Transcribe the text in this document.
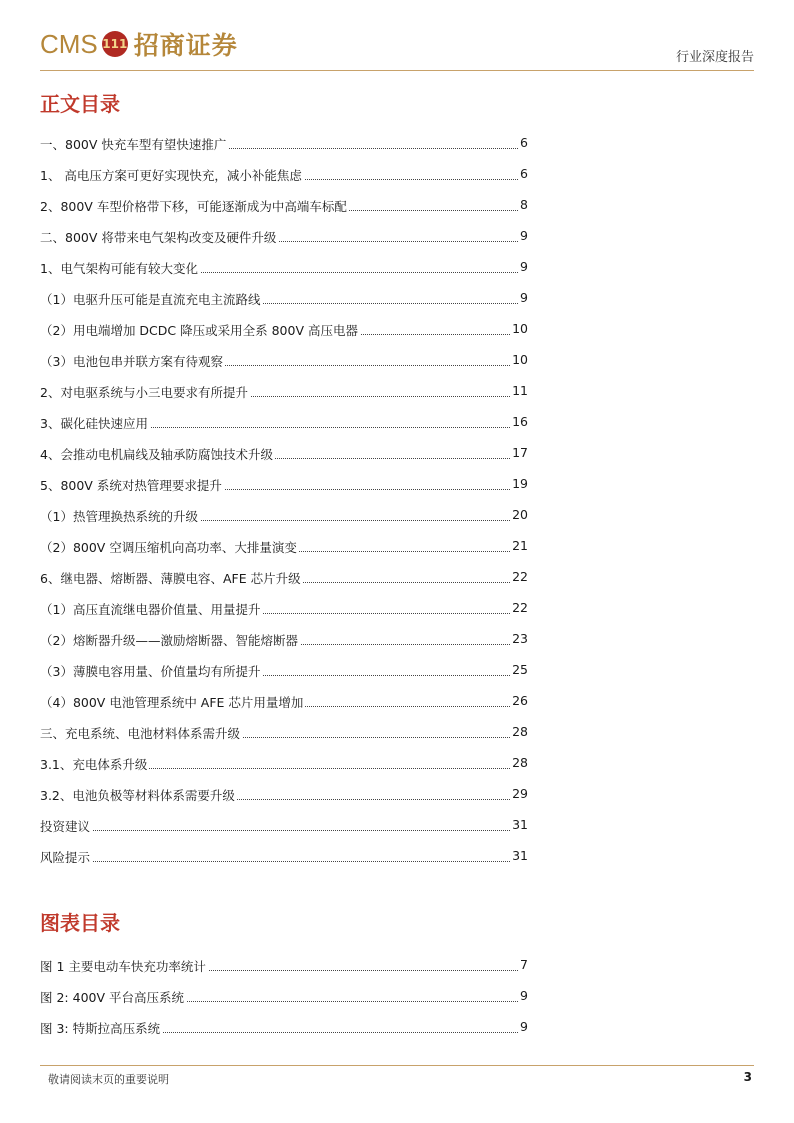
CMS 111 招商证券	行业深度报告
正文目录
一、800V 快充车型有望快速推广	6
1、 高电压方案可更好实现快充，减小补能焦虑	6
2、800V 车型价格带下移，可能逐渐成为中高端车标配	8
二、800V 将带来电气架构改变及硬件升级	9
1、电气架构可能有较大变化	9
（1）电驱升压可能是直流充电主流路线	9
（2）用电端增加 DCDC 降压或采用全系 800V 高压电器	10
（3）电池包串并联方案有待观察	10
2、对电驱系统与小三电要求有所提升	11
3、碳化硅快速应用	16
4、会推动电机扁线及轴承防腐蚀技术升级	17
5、800V 系统对热管理要求提升	19
（1）热管理换热系统的升级	20
（2）800V 空调压缩机向高功率、大排量演变	21
6、继电器、熔断器、薄膜电容、AFE 芯片升级	22
（1）高压直流继电器价值量、用量提升	22
（2）熔断器升级——激励熔断器、智能熔断器	23
（3）薄膜电容用量、价值量均有所提升	25
（4）800V 电池管理系统中 AFE 芯片用量增加	26
三、充电系统、电池材料体系需升级	28
3.1、充电体系升级	28
3.2、电池负极等材料体系需要升级	29
投资建议	31
风险提示	31
图表目录
图 1 主要电动车快充功率统计	7
图 2: 400V 平台高压系统	9
图 3: 特斯拉高压系统	9
敬请阅读末页的重要说明	3
